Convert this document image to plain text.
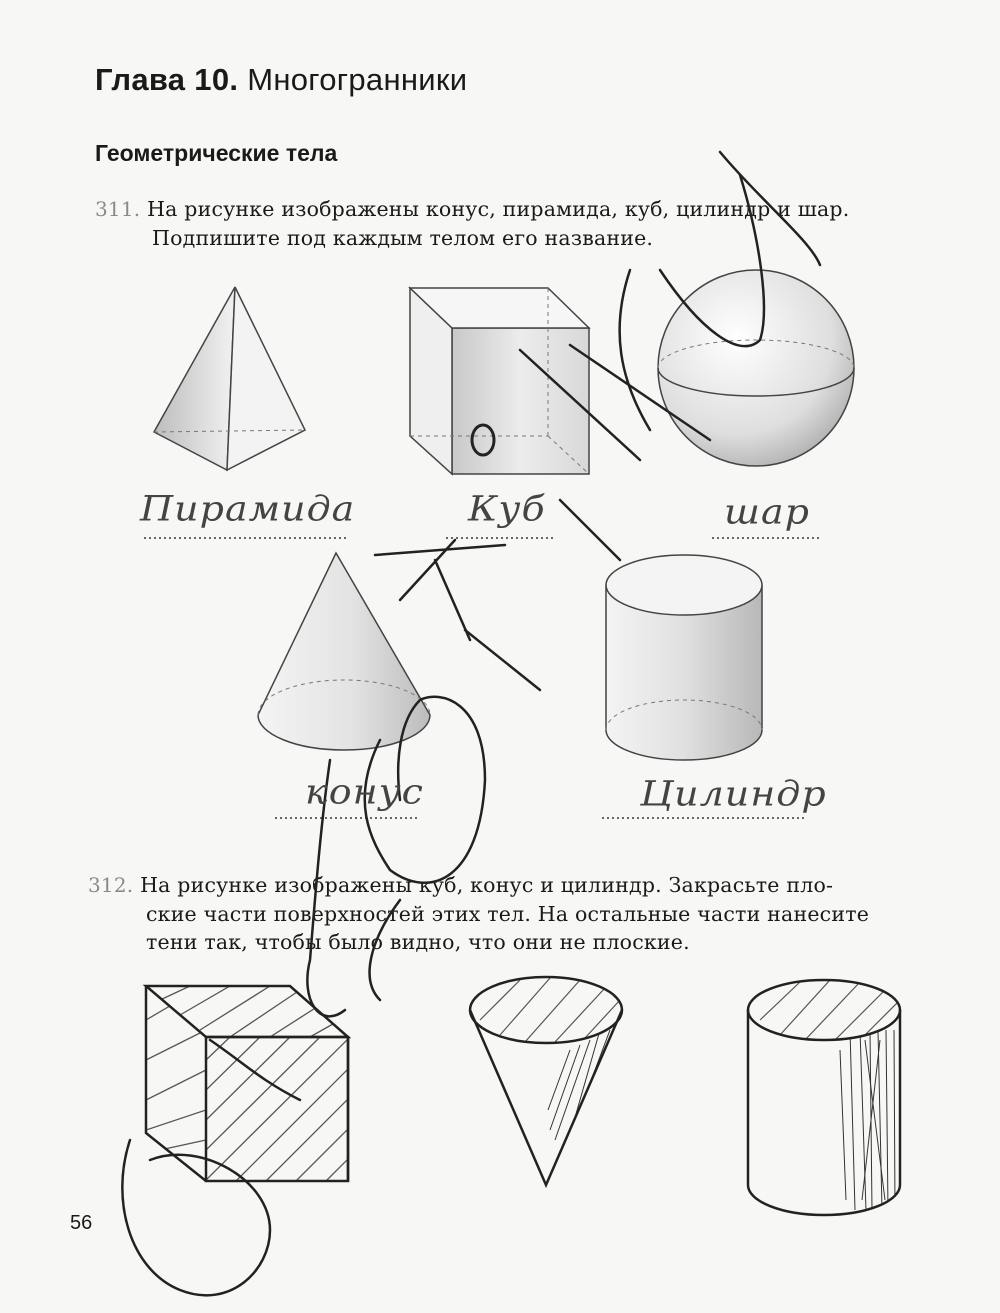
Глава 10. Многогранники
Геометрические тела
311. На рисунке изображены конус, пирамида, куб, цилиндр и шар.
Подпишите под каждым телом его название.
312. На рисунке изображены куб, конус и цилиндр. Закрасьте пло-
ские части поверхностей этих тел. На остальные части нанесите
тени так, чтобы было видно, что они не плоские.
Пирамида	Куб	шар
конус	Цилиндр
56
